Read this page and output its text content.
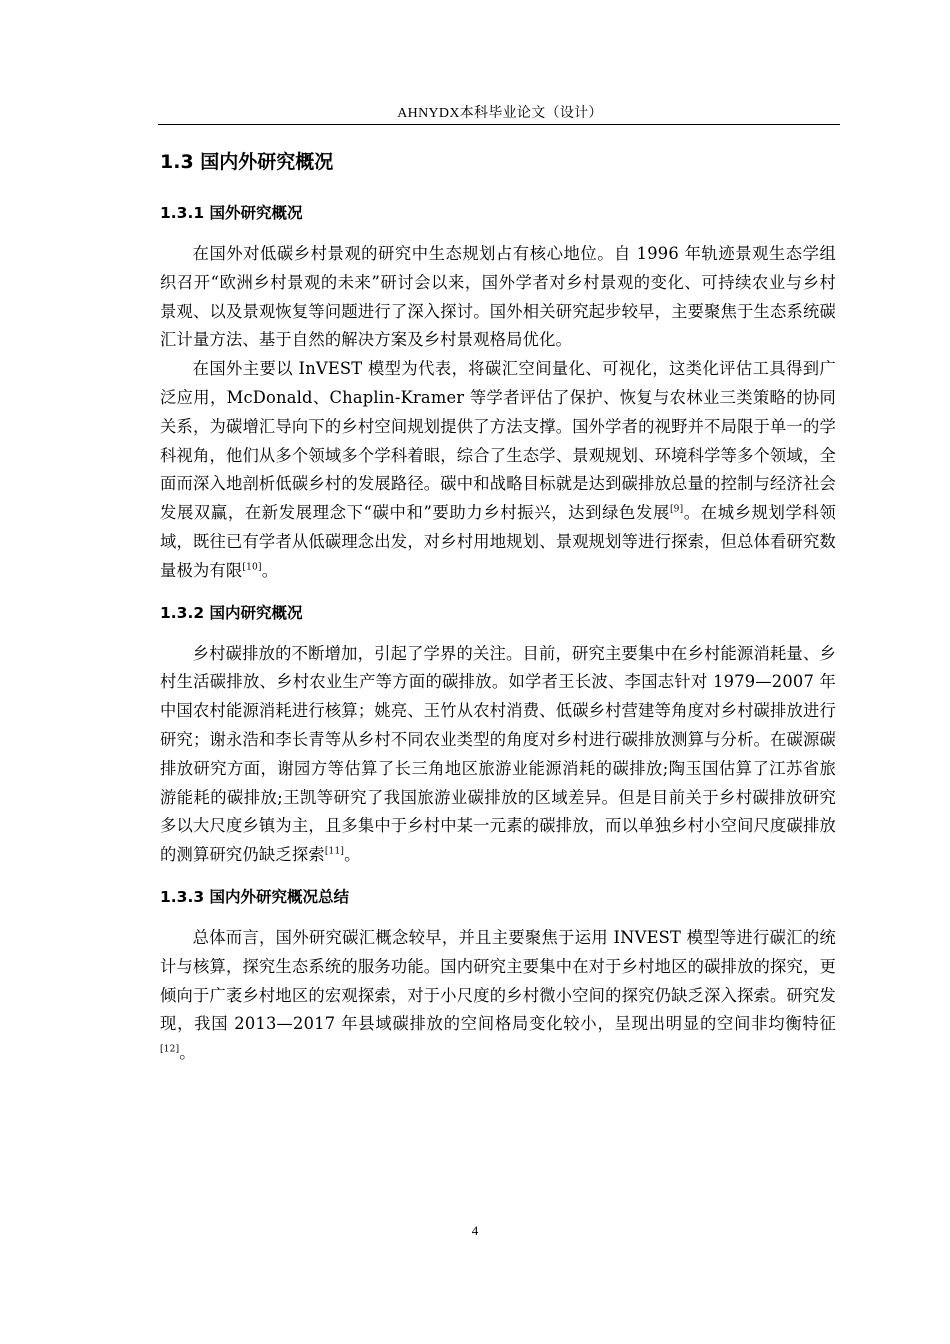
AHNYDX本科毕业论文（设计）
1.3 国内外研究概况
1.3.1 国外研究概况

在国外对低碳乡村景观的研究中生态规划占有核心地位。自 1996 年轨迹景观生态学组织召开“欧洲乡村景观的未来”研讨会以来，国外学者对乡村景观的变化、可持续农业与乡村景观、以及景观恢复等问题进行了深入探讨。国外相关研究起步较早，主要聚焦于生态系统碳汇计量方法、基于自然的解决方案及乡村景观格局优化。

在国外主要以 InVEST 模型为代表，将碳汇空间量化、可视化，这类化评估工具得到广泛应用，McDonald、Chaplin-Kramer 等学者评估了保护、恢复与农林业三类策略的协同关系，为碳增汇导向下的乡村空间规划提供了方法支撑。国外学者的视野并不局限于单一的学科视角，他们从多个领域多个学科着眼，综合了生态学、景观规划、环境科学等多个领域，全面而深入地剖析低碳乡村的发展路径。碳中和战略目标就是达到碳排放总量的控制与经济社会发展双赢，在新发展理念下“碳中和”要助力乡村振兴，达到绿色发展[9]。在城乡规划学科领域，既往已有学者从低碳理念出发，对乡村用地规划、景观规划等进行探索，但总体看研究数量极为有限[10]。

1.3.2 国内研究概况

乡村碳排放的不断增加，引起了学界的关注。目前，研究主要集中在乡村能源消耗量、乡村生活碳排放、乡村农业生产等方面的碳排放。如学者王长波、李国志针对 1979—2007 年中国农村能源消耗进行核算；姚亮、王竹从农村消费、低碳乡村营建等角度对乡村碳排放进行研究；谢永浩和李长青等从乡村不同农业类型的角度对乡村进行碳排放测算与分析。在碳源碳排放研究方面，谢园方等估算了长三角地区旅游业能源消耗的碳排放;陶玉国估算了江苏省旅游能耗的碳排放;王凯等研究了我国旅游业碳排放的区域差异。但是目前关于乡村碳排放研究多以大尺度乡镇为主，且多集中于乡村中某一元素的碳排放，而以单独乡村小空间尺度碳排放的测算研究仍缺乏探索[11]。

1.3.3 国内外研究概况总结

总体而言，国外研究碳汇概念较早，并且主要聚焦于运用 INVEST 模型等进行碳汇的统计与核算，探究生态系统的服务功能。国内研究主要集中在对于乡村地区的碳排放的探究，更倾向于广袤乡村地区的宏观探索，对于小尺度的乡村微小空间的探究仍缺乏深入探索。研究发现，我国 2013—2017 年县域碳排放的空间格局变化较小，呈现出明显的空间非均衡特征[12]。

4
